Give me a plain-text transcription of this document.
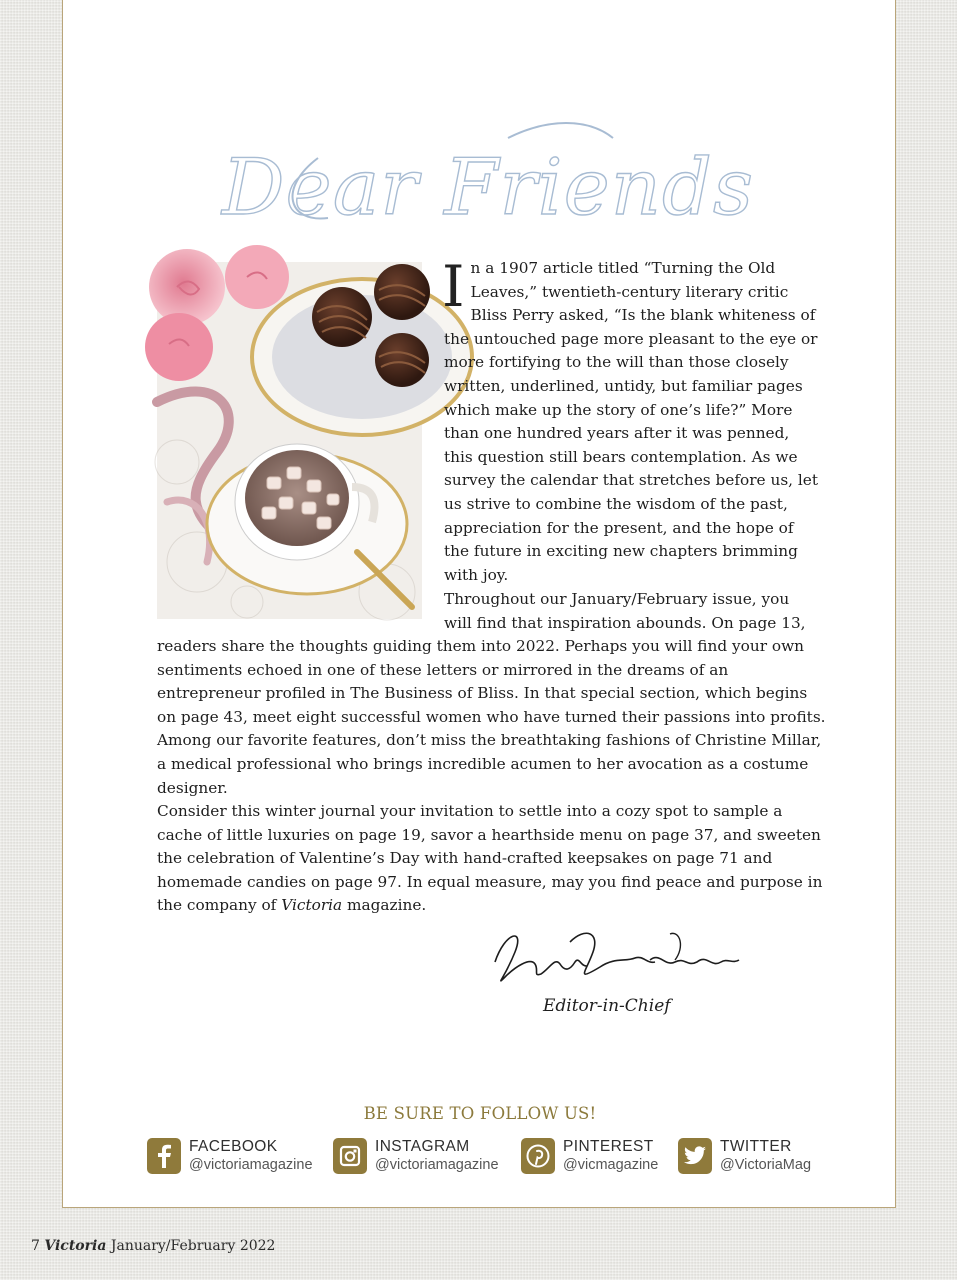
Dear Friends

In a 1907 article titled “Turning the Old Leaves,” twentieth-century literary critic Bliss Perry asked, “Is the blank whiteness of the untouched page more pleasant to the eye or more fortifying to the will than those closely written, underlined, untidy, but familiar pages which make up the story of one’s life?” More than one hundred years after it was penned, this question still bears contemplation. As we survey the calendar that stretches before us, let us strive to combine the wisdom of the past, appreciation for the present, and the hope of the future in exciting new chapters brimming with joy.

Throughout our January/February issue, you will find that inspiration abounds. On page 13,

readers share the thoughts guiding them into 2022. Perhaps you will find your own sentiments echoed in one of these letters or mirrored in the dreams of an entrepreneur profiled in The Business of Bliss. In that special section, which begins on page 43, meet eight successful women who have turned their passions into profits. Among our favorite features, don’t miss the breathtaking fashions of Christine Millar, a medical professional who brings incredible acumen to her avocation as a costume designer.

Consider this winter journal your invitation to settle into a cozy spot to sample a cache of little luxuries on page 19, savor a hearthside menu on page 37, and sweeten the celebration of Valentine’s Day with hand-crafted keepsakes on page 71 and homemade candies on page 97. In equal measure, may you find peace and purpose in the company of Victoria magazine.

Editor-in-Chief
BE SURE TO FOLLOW US!
FACEBOOK
@victoriamagazine
INSTAGRAM
@victoriamagazine
PINTEREST
@vicmagazine
TWITTER
@VictoriaMag
7 Victoria January/February 2022
